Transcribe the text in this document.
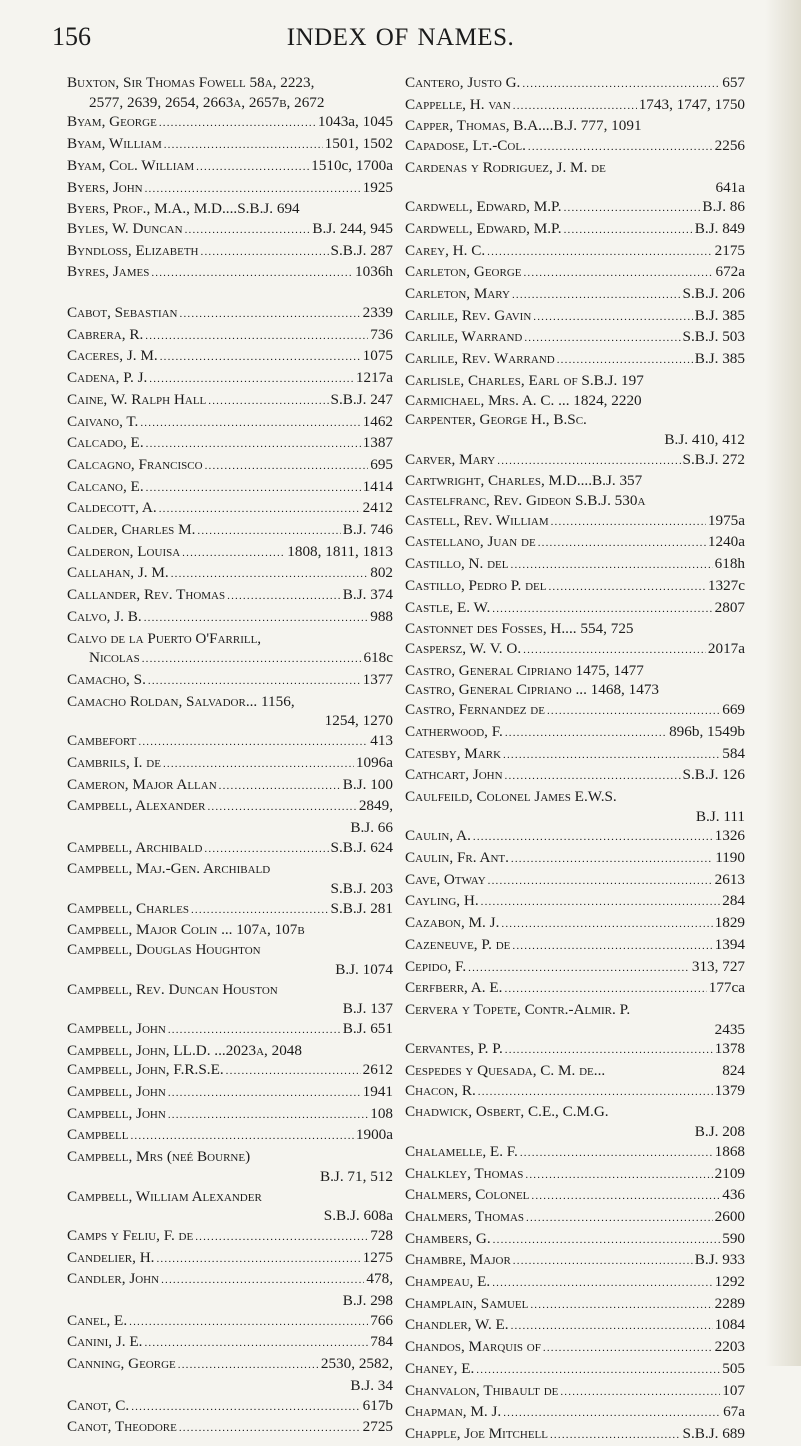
156	INDEX OF NAMES.
Buxton, Sir Thomas Fowell 58a, 2223,
2577, 2639, 2654, 2663a, 2657b, 2672
Byam, George .....	1043a, 1045
Byam, William .....	1501, 1502
Byam, Col. William .....	1510c, 1700a
Byers, John .....	1925
Byers, Prof., M.A., M.D....S.B.J. 694
Byles, W. Duncan .....	B.J. 244, 945
Byndloss, Elizabeth .....	S.B.J. 287
Byres, James .....	1036h
Cabot, Sebastian .....	2339
Cabrera, R. .....	736
Caceres, J. M. .....	1075
Cadena, P. J. .....	1217a
Caine, W. Ralph Hall .....	S.B.J. 247
Caivano, T. .....	1462
Calcado, E. .....	1387
Calcagno, Francisco .....	695
Calcano, E. .....	1414
Caldecott, A. .....	2412
Calder, Charles M. .....	B.J. 746
Calderon, Louisa .....	1808, 1811, 1813
Callahan, J. M. .....	802
Callander, Rev. Thomas .....	B.J. 374
Calvo, J. B. .....	988
Calvo de la Puerto O'Farrill,
Nicolas .....	618c
Camacho, S. .....	1377
Camacho Roldan, Salvador... 1156,
1254, 1270
Cambefort .....	413
Cambrils, I. de .....	1096a
Cameron, Major Allan .....	B.J. 100
Campbell, Alexander .....	2849,
B.J. 66
Campbell, Archibald .....	S.B.J. 624
Campbell, Maj.-Gen. Archibald
S.B.J. 203
Campbell, Charles .....	S.B.J. 281
Campbell, Major Colin ... 107a, 107b
Campbell, Douglas Houghton
B.J. 1074
Campbell, Rev. Duncan Houston
B.J. 137
Campbell, John .....	B.J. 651
Campbell, John, LL.D. ...2023a, 2048
Campbell, John, F.R.S.E. .....	2612
Campbell, John .....	1941
Campbell, John .....	108
Campbell .....	1900a
Campbell, Mrs (neé Bourne)
B.J. 71, 512
Campbell, William Alexander
S.B.J. 608a
Camps y Feliu, F. de .....	728
Candelier, H. .....	1275
Candler, John .....	478,
B.J. 298
Canel, E. .....	766
Canini, J. E. .....	784
Canning, George .....	2530, 2582,
B.J. 34
Canot, C. .....	617b
Canot, Theodore .....	2725
Cantero, Justo G. .....	657
Cappelle, H. van .....	1743, 1747, 1750
Capper, Thomas, B.A....B.J. 777, 1091
Capadose, Lt.-Col. .....	2256
Cardenas y Rodriguez, J. M. de
641a
Cardwell, Edward, M.P. .....	B.J. 86
Cardwell, Edward, M.P. .....	B.J. 849
Carey, H. C. .....	2175
Carleton, George .....	672a
Carleton, Mary .....	S.B.J. 206
Carlile, Rev. Gavin .....	B.J. 385
Carlile, Warrand .....	S.B.J. 503
Carlile, Rev. Warrand .....	B.J. 385
Carlisle, Charles, Earl of S.B.J. 197
Carmichael, Mrs. A. C. ... 1824, 2220
Carpenter, George H., B.Sc.
B.J. 410, 412
Carver, Mary .....	S.B.J. 272
Cartwright, Charles, M.D....B.J. 357
Castelfranc, Rev. Gideon S.B.J. 530a
Castell, Rev. William .....	1975a
Castellano, Juan de .....	1240a
Castillo, N. del .....	618h
Castillo, Pedro P. del .....	1327c
Castle, E. W. .....	2807
Castonnet des Fosses, H.... 554, 725
Caspersz, W. V. O. .....	2017a
Castro, General Cipriano 1475, 1477
Castro, General Cipriano ... 1468, 1473
Castro, Fernandez de .....	669
Catherwood, F. .....	896b, 1549b
Catesby, Mark .....	584
Cathcart, John .....	S.B.J. 126
Caulfeild, Colonel James E.W.S.
B.J. 111
Caulin, A. .....	1326
Caulin, Fr. Ant. .....	1190
Cave, Otway .....	2613
Cayling, H. .....	284
Cazabon, M. J. .....	1829
Cazeneuve, P. de .....	1394
Cepido, F. .....	313, 727
Cerfberr, A. E. .....	177ca
Cervera y Topete, Contr.-Almir. P.
2435
Cervantes, P. P. .....	1378
Cespedes y Quesada, C. M. de...	824
Chacon, R. .....	1379
Chadwick, Osbert, C.E., C.M.G.
B.J. 208
Chalamelle, E. F. .....	1868
Chalkley, Thomas .....	2109
Chalmers, Colonel .....	436
Chalmers, Thomas .....	2600
Chambers, G. .....	590
Chambre, Major .....	B.J. 933
Champeau, E. .....	1292
Champlain, Samuel .....	2289
Chandler, W. E. .....	1084
Chandos, Marquis of .....	2203
Chaney, E. .....	505
Chanvalon, Thibault de .....	107
Chapman, M. J. .....	67a
Chapple, Joe Mitchell .....	S.B.J. 689
